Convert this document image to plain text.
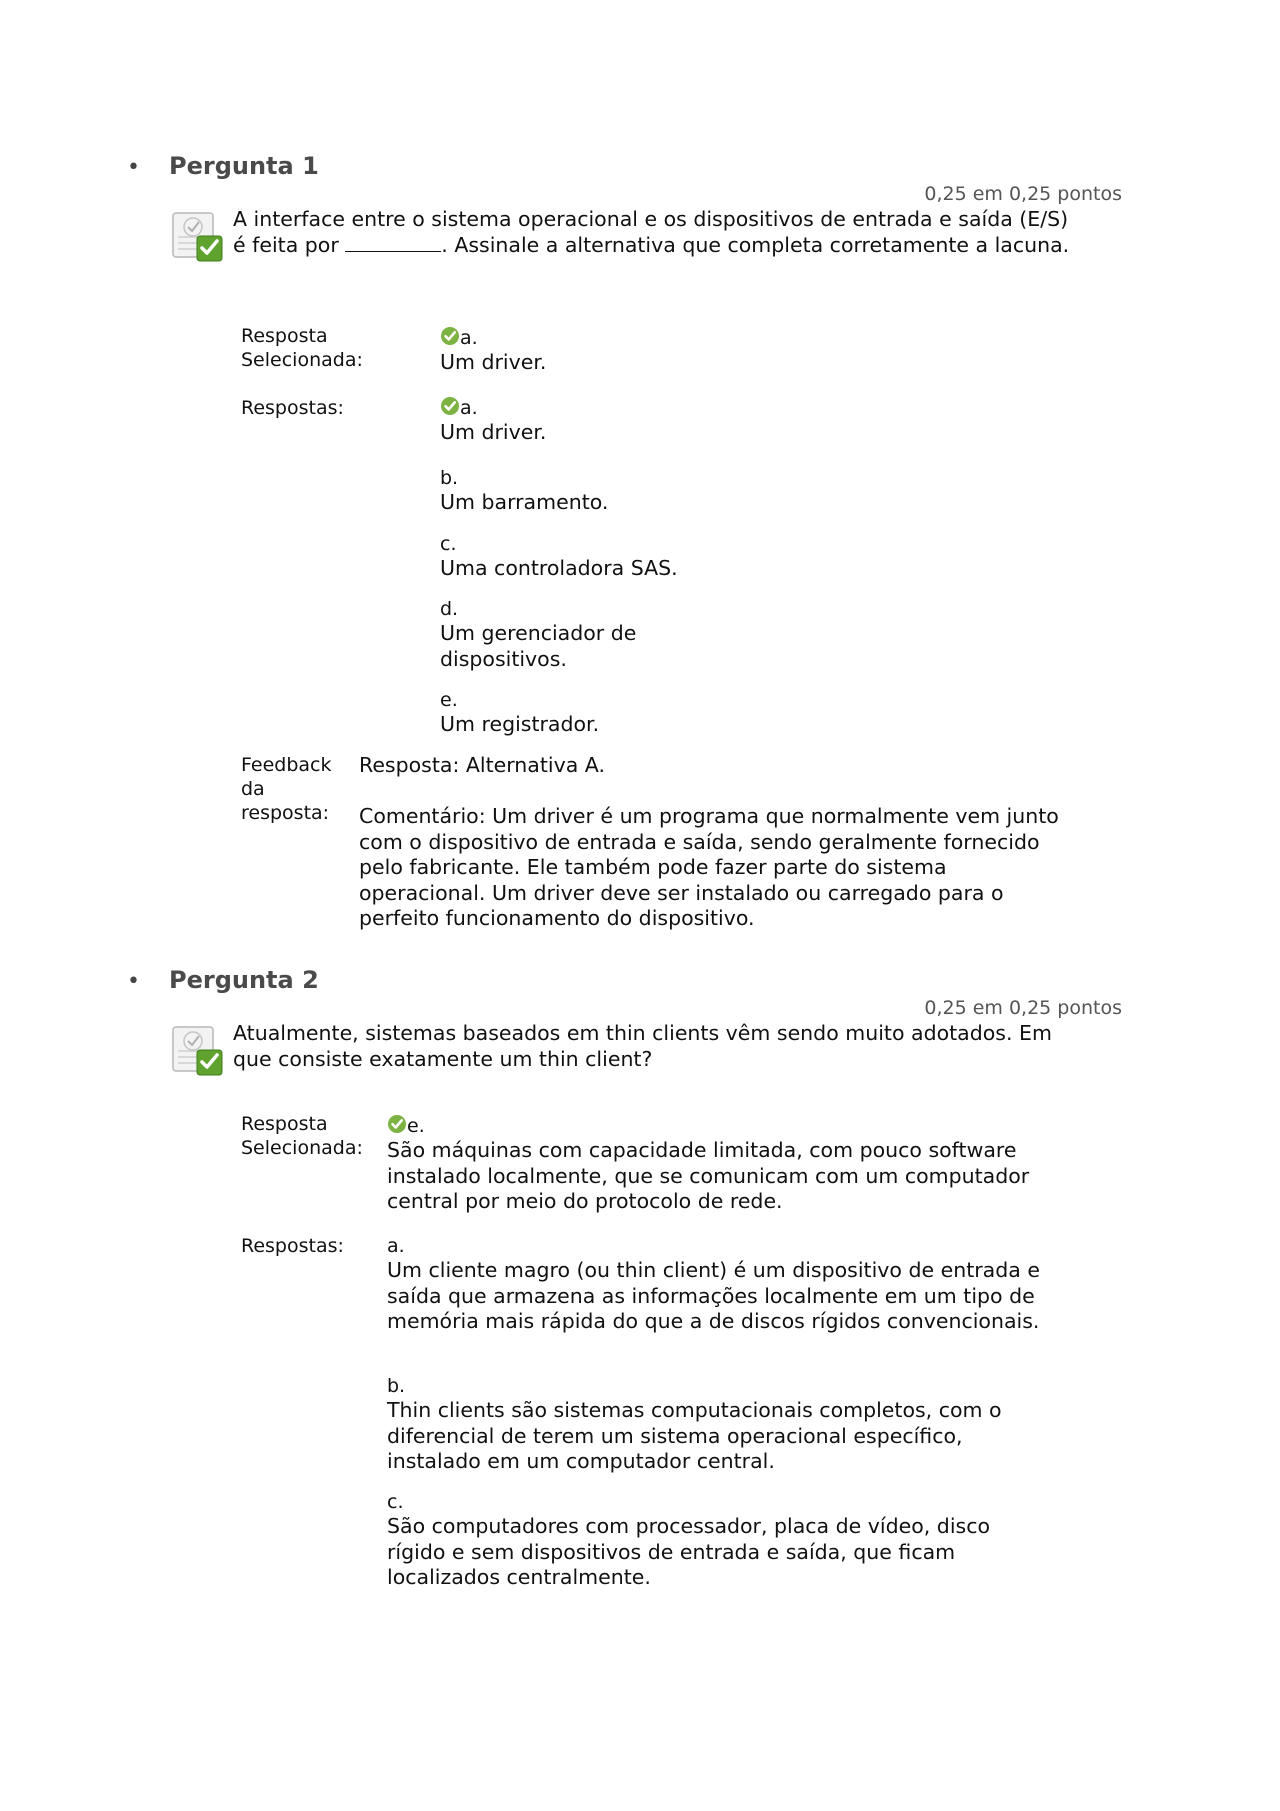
• Pergunta 1
0,25 em 0,25 pontos
A interface entre o sistema operacional e os dispositivos de entrada e saída (E/S) é feita por	. Assinale a alternativa que completa corretamente a lacuna.
Resposta Selecionada:
a.
Um driver.
Respostas:	a.
Um driver.
b.
Um barramento.
c.
Uma controladora SAS.
d.
Um gerenciador de dispositivos.
e.
Um registrador.
Feedback da resposta:
Resposta: Alternativa A.
Comentário: Um driver é um programa que normalmente vem junto com o dispositivo de entrada e saída, sendo geralmente fornecido pelo fabricante. Ele também pode fazer parte do sistema operacional. Um driver deve ser instalado ou carregado para o perfeito funcionamento do dispositivo.
• Pergunta 2
0,25 em 0,25 pontos
Atualmente, sistemas baseados em thin clients vêm sendo muito adotados. Em que consiste exatamente um thin client?
Resposta Selecionada:
e.
São máquinas com capacidade limitada, com pouco software instalado localmente, que se comunicam com um computador central por meio do protocolo de rede.
Respostas: a.
Um cliente magro (ou thin client) é um dispositivo de entrada e saída que armazena as informações localmente em um tipo de memória mais rápida do que a de discos rígidos convencionais.
b.
Thin clients são sistemas computacionais completos, com o diferencial de terem um sistema operacional específico, instalado em um computador central.
c.
São computadores com processador, placa de vídeo, disco rígido e sem dispositivos de entrada e saída, que ficam localizados centralmente.
